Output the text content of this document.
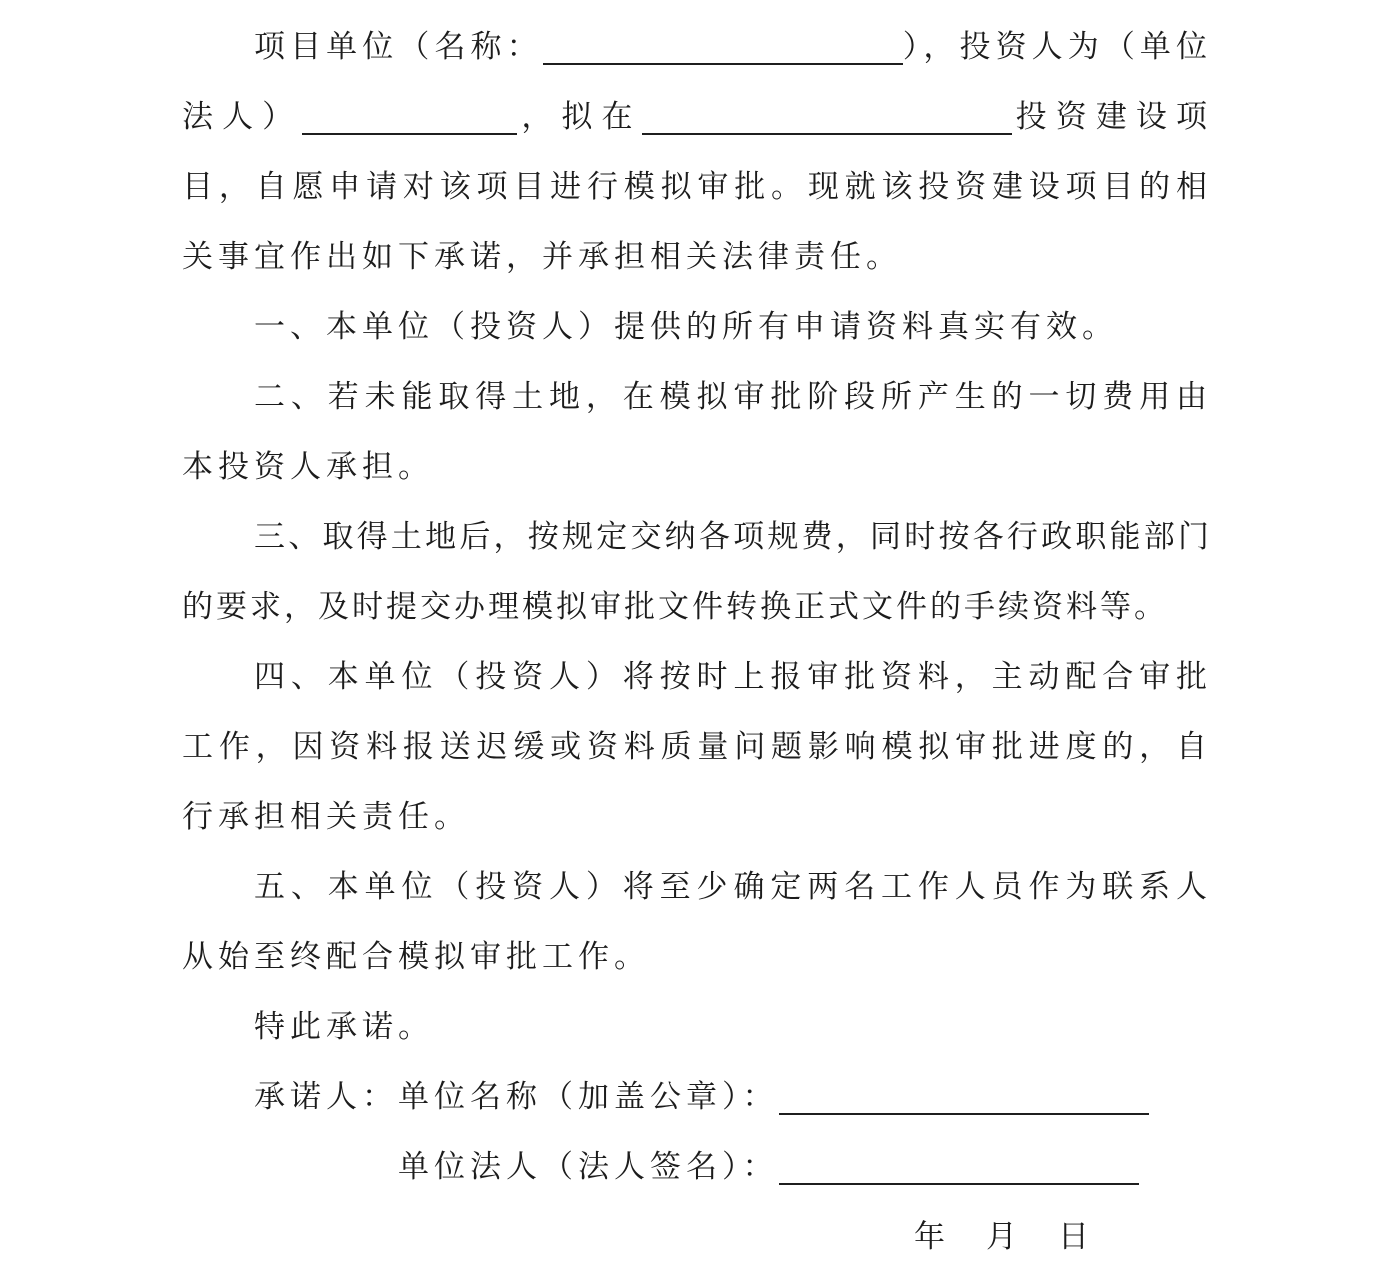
项目单位（名称：	），投资人为（单位法人）	，拟在	投资建设项目，自愿申请对该项目进行模拟审批。现就该投资建设项目的相关事宜作出如下承诺，并承担相关法律责任。

一、本单位（投资人）提供的所有申请资料真实有效。

二、若未能取得土地，在模拟审批阶段所产生的一切费用由本投资人承担。

三、取得土地后，按规定交纳各项规费，同时按各行政职能部门的要求，及时提交办理模拟审批文件转换正式文件的手续资料等。

四、本单位（投资人）将按时上报审批资料，主动配合审批工作，因资料报送迟缓或资料质量问题影响模拟审批进度的，自行承担相关责任。

五、本单位（投资人）将至少确定两名工作人员作为联系人从始至终配合模拟审批工作。

特此承诺。

承诺人：单位名称（加盖公章）：
单位法人（法人签名）：
年　月　日
